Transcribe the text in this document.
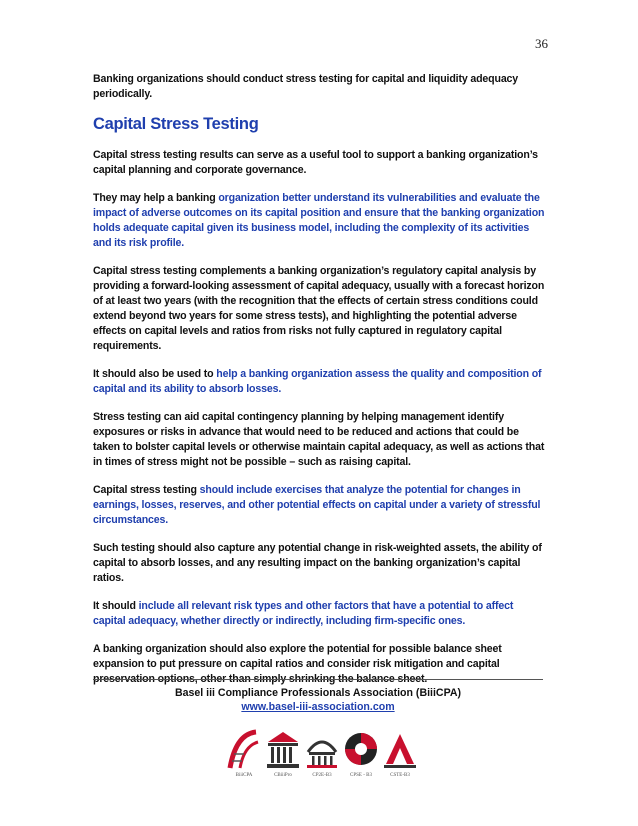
36

Banking organizations should conduct stress testing for capital and liquidity adequacy periodically.

Capital Stress Testing

Capital stress testing results can serve as a useful tool to support a banking organization’s capital planning and corporate governance.

They may help a banking organization better understand its vulnerabilities and evaluate the impact of adverse outcomes on its capital position and ensure that the banking organization holds adequate capital given its business model, including the complexity of its activities and its risk profile.

Capital stress testing complements a banking organization’s regulatory capital analysis by providing a forward-looking assessment of capital adequacy, usually with a forecast horizon of at least two years (with the recognition that the effects of certain stress conditions could extend beyond two years for some stress tests), and highlighting the potential adverse effects on capital levels and ratios from risks not fully captured in regulatory capital requirements.

It should also be used to help a banking organization assess the quality and composition of capital and its ability to absorb losses.

Stress testing can aid capital contingency planning by helping management identify exposures or risks in advance that would need to be reduced and actions that could be taken to bolster capital levels or otherwise maintain capital adequacy, as well as actions that in times of stress might not be possible – such as raising capital.

Capital stress testing should include exercises that analyze the potential for changes in earnings, losses, reserves, and other potential effects on capital under a variety of stressful circumstances.

Such testing should also capture any potential change in risk-weighted assets, the ability of capital to absorb losses, and any resulting impact on the banking organization’s capital ratios.

It should include all relevant risk types and other factors that have a potential to affect capital adequacy, whether directly or indirectly, including firm-specific ones.

A banking organization should also explore the potential for possible balance sheet expansion to put pressure on capital ratios and consider risk mitigation and capital preservation options, other than simply shrinking the balance sheet.

Basel iii Compliance Professionals Association (BiiiCPA)
www.basel-iii-association.com
BiiiCPA	CBiiiPro	CP2E-B3	CPSE - B3	CSTE-B3
